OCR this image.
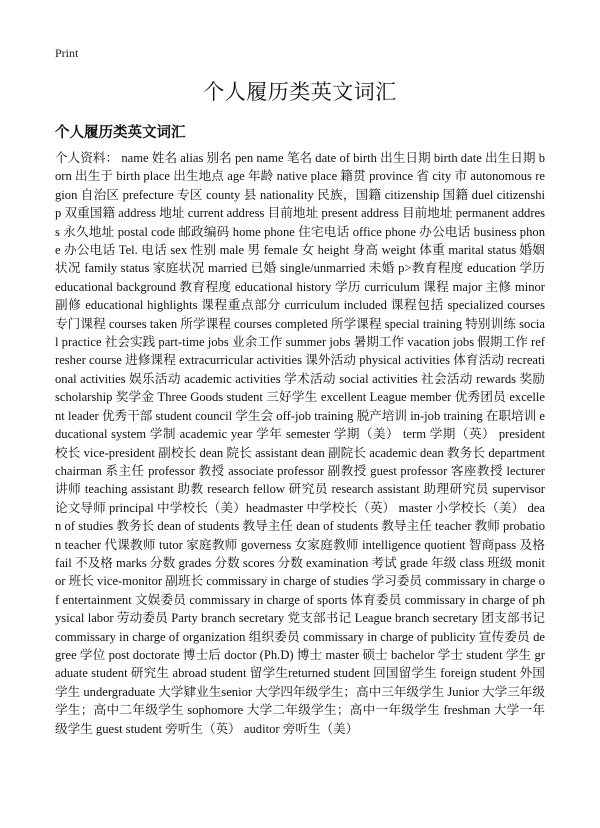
Print
个人履历类英文词汇
个人履历类英文词汇

个人资料： name 姓名 alias 别名 pen name 笔名 date of birth 出生日期 birth date 出生日期 born 出生于 birth place 出生地点 age 年龄 native place 籍贯 province 省 city 市 autonomous region 自治区 prefecture 专区 county 县 nationality 民族，国籍 citizenship 国籍 duel citizenship 双重国籍 address 地址 current address 目前地址 present address 目前地址 permanent address 永久地址 postal code 邮政编码 home phone 住宅电话 office phone 办公电话 business phone 办公电话 Tel. 电话 sex 性别 male 男 female 女 height 身高 weight 体重 marital status 婚姻状况 family status 家庭状况 married 已婚 single/unmarried 未婚 p>教育程度 education 学历 educational background 教育程度 educational history 学历 curriculum 课程 major 主修 minor 副修 educational highlights 课程重点部分 curriculum included 课程包括 specialized courses 专门课程 courses taken 所学课程 courses completed 所学课程 special training 特别训练 social practice 社会实践 part-time jobs 业余工作 summer jobs 暑期工作 vacation jobs 假期工作 refresher course 进修课程 extracurricular activities 课外活动 physical activities 体育活动 recreational activities 娱乐活动 academic activities 学术活动 social activities 社会活动 rewards 奖励 scholarship 奖学金 Three Goods student 三好学生 excellent League member 优秀团员 excellent leader 优秀干部 student council 学生会 off-job training 脱产培训 in-job training 在职培训 educational system 学制 academic year 学年 semester 学期（美） term 学期（英） president 校长 vice-president 副校长 dean 院长 assistant dean 副院长 academic dean 教务长 department chairman 系主任 professor 教授 associate professor 副教授 guest professor 客座教授 lecturer 讲师 teaching assistant 助教 research fellow 研究员 research assistant 助理研究员 supervisor 论文导师 principal 中学校长（美）headmaster 中学校长（英） master 小学校长（美） dean of studies 教务长 dean of students 教导主任 dean of students 教导主任 teacher 教师 probation teacher 代课教师 tutor 家庭教师 governess 女家庭教师 intelligence quotient 智商pass 及格 fail 不及格 marks 分数 grades 分数 scores 分数 examination 考试 grade 年级 class 班级 monitor 班长 vice-monitor 副班长 commissary in charge of studies 学习委员 commissary in charge of entertainment 文娱委员 commissary in charge of sports 体育委员 commissary in charge of physical labor 劳动委员 Party branch secretary 党支部书记 League branch secretary 团支部书记 commissary in charge of organization 组织委员 commissary in charge of publicity 宣传委员 degree 学位 post doctorate 博士后 doctor (Ph.D) 博士 master 硕士 bachelor 学士 student 学生 graduate student 研究生 abroad student 留学生returned student 回国留学生 foreign student 外国学生 undergraduate 大学肄业生senior 大学四年级学生；高中三年级学生 Junior 大学三年级学生；高中二年级学生 sophomore 大学二年级学生；高中一年级学生 freshman 大学一年级学生 guest student 旁听生（英） auditor 旁听生（美）
